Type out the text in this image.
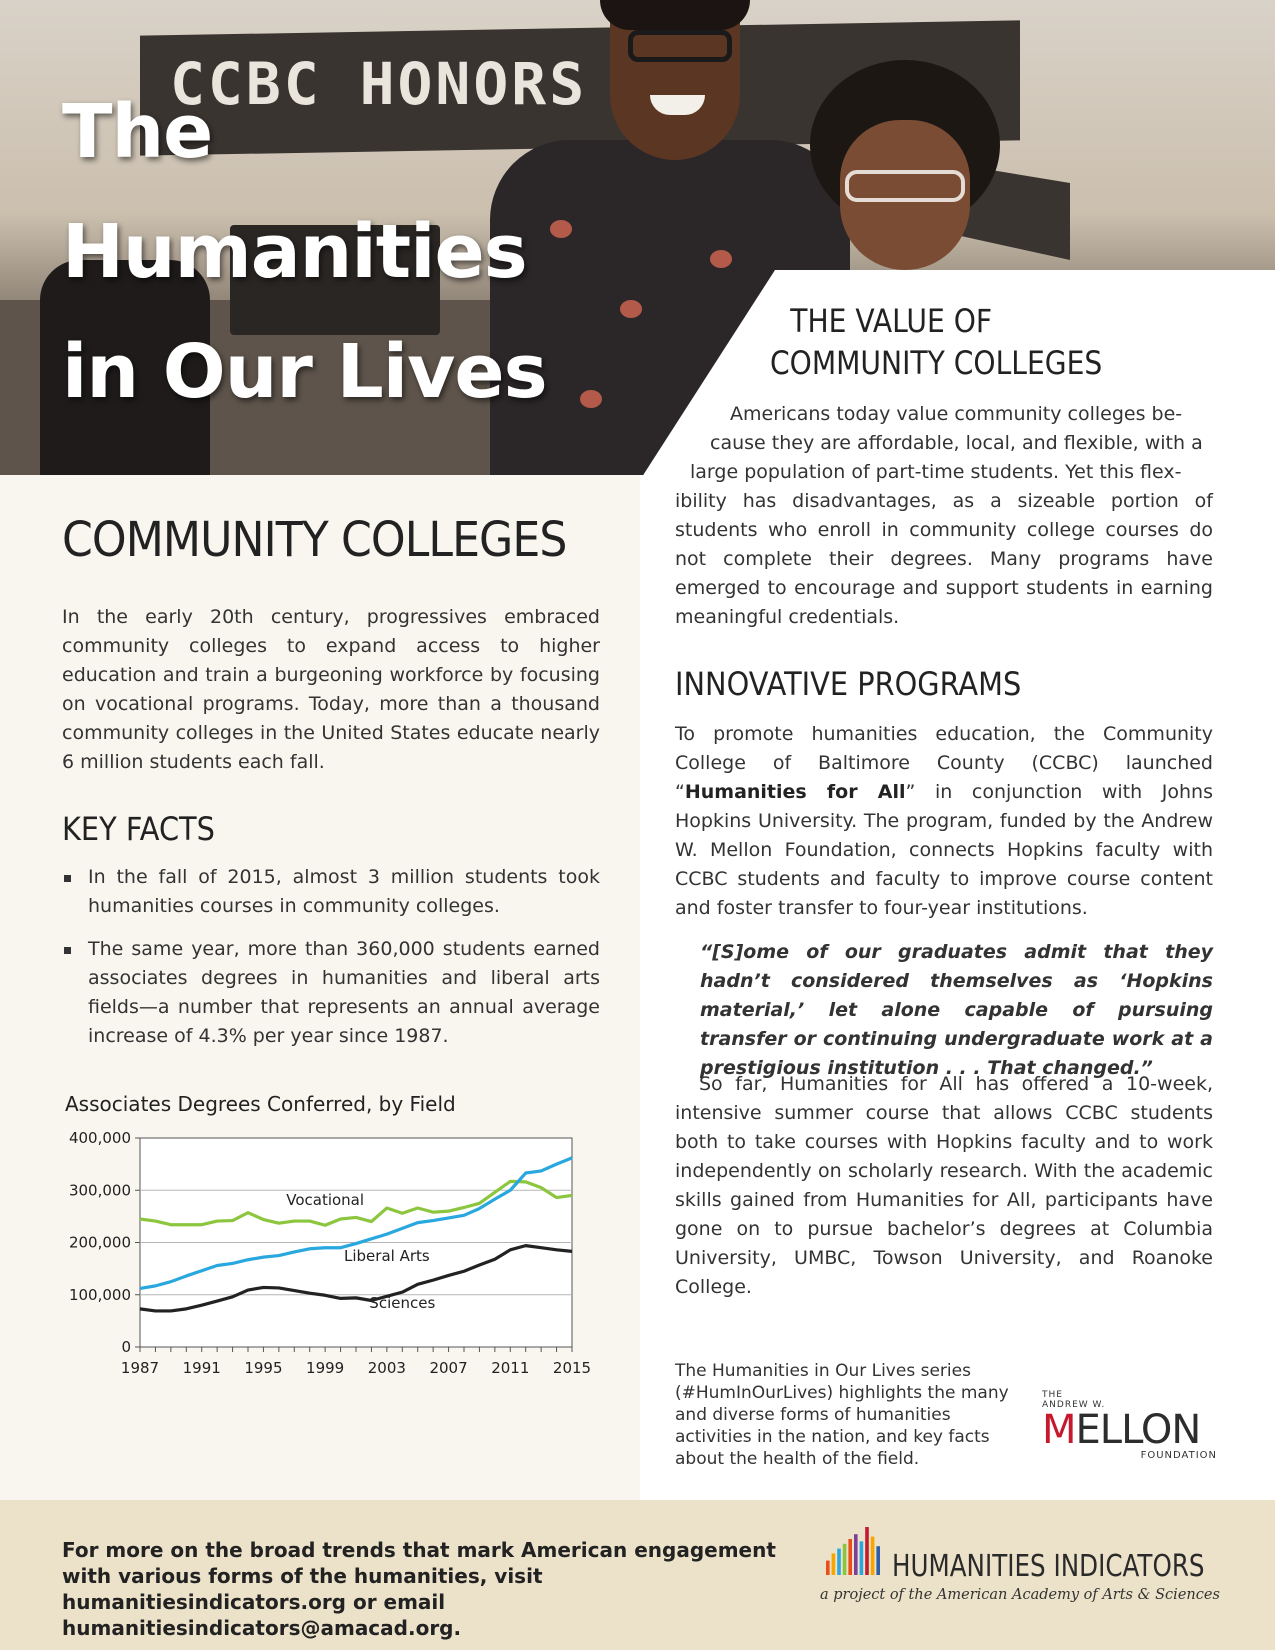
CCBC HONORS
The
Humanities
in Our Lives
COMMUNITY COLLEGES

In the early 20th century, progressives embraced community colleges to expand access to higher education and train a burgeoning workforce by focusing on vocational programs. Today, more than a thousand community colleges in the United States educate nearly 6 million students each fall.

KEY FACTS
In the fall of 2015, almost 3 million students took humanities courses in community colleges.
The same year, more than 360,000 students earned associates degrees in humanities and liberal arts fields—a number that represents an annual average increase of 4.3% per year since 1987.
Associates Degrees Conferred, by Field
0
100,000
200,000
300,000
400,000
1987 1991 1995 1999 2003 2007 2011 2015
Vocational
Liberal Arts
Sciences
THE VALUE OF
COMMUNITY COLLEGES
Americans today value community colleges be-
cause they are affordable, local, and flexible, with a
large population of part-time students. Yet this flex-
ibility has disadvantages, as a sizeable portion of students who enroll in community college courses do not complete their degrees. Many programs have emerged to encourage and support students in earning meaningful credentials.
INNOVATIVE PROGRAMS

To promote humanities education, the Community College of Baltimore County (CCBC) launched “Humanities for All” in conjunction with Johns Hopkins University. The program, funded by the Andrew W. Mellon Foundation, connects Hopkins faculty with CCBC students and faculty to improve course content and foster transfer to four-year institutions.

“[S]ome of our graduates admit that they hadn’t considered themselves as ‘Hopkins material,’ let alone capable of pursuing transfer or continuing undergraduate work at a prestigious institution . . . That changed.”

So far, Humanities for All has offered a 10-week, intensive summer course that allows CCBC students both to take courses with Hopkins faculty and to work independently on scholarly research. With the academic skills gained from Humanities for All, participants have gone on to pursue bachelor’s degrees at Columbia University, UMBC, Towson University, and Roanoke College.

The Humanities in Our Lives series (#HumInOurLives) highlights the many and diverse forms of humanities activities in the nation, and key facts about the health of the field.

THE
ANDREW W.
MELLON
FOUNDATION

For more on the broad trends that mark American engagement with various forms of the humanities, visit humanitiesindicators.org or email humanitiesindicators@amacad.org.

HUMANITIES INDICATORS
a project of the American Academy of Arts & Sciences
